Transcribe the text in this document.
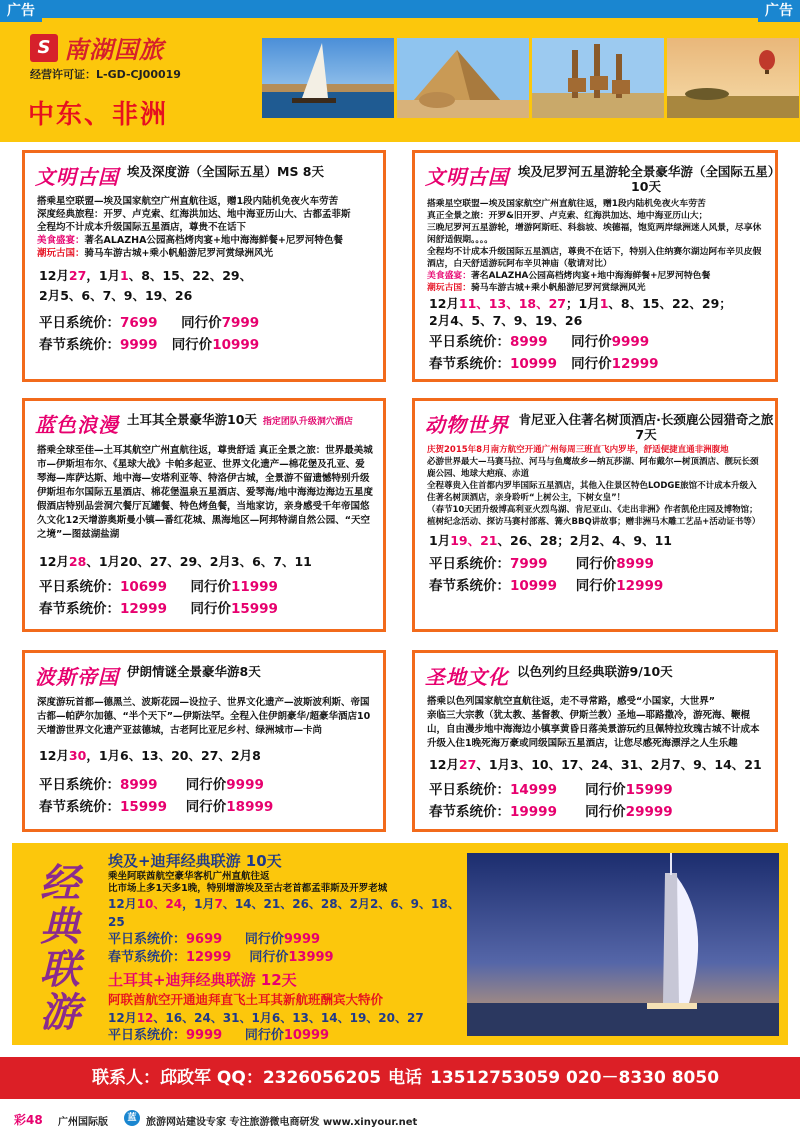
广告	广告
S 南湖国旅
经营许可证：L-GD-CJ00019
中东、非洲
文明古国 埃及深度游（全国际五星）MS 8天
搭乘星空联盟—埃及国家航空广州直航往返，赠1段内陆机免夜火车劳苦
深度经典旅程：开罗、卢克索、红海洪加达、地中海亚历山大、古都孟菲斯
全程均不计成本升级国际五星酒店，尊贵不在话下
美食盛宴：著名ALAZHA公园高档烤肉宴+地中海海鲜餐+尼罗河特色餐
潮玩古国：骑马车游古城+乘小帆船游尼罗河赏绿洲风光
12月27，1月1、8、15、22、29、
2月5、6、7、9、19、26
平日系统价：7699 同行价7999
春节系统价：9999 同行价10999
文明古国 埃及尼罗河五星游轮全景豪华游（全国际五星）10天
搭乘星空联盟—埃及国家航空广州直航往返，赠1段内陆机免夜火车劳苦
真正全景之旅：开罗&旧开罗、卢克索、红海洪加达、地中海亚历山大；
三晚尼罗河五星游轮，增游阿斯旺、科翁坡、埃德福，饱览两岸绿洲迷人风景，尽享休闲舒适假期。。。。
全程均不计成本升级国际五星酒店，尊贵不在话下，特别入住纳赛尔湖边阿布辛贝皮假酒店，白天舒适游玩阿布辛贝神庙（敬请对比）
美食盛宴：著名ALAZHA公园高档烤肉宴+地中海海鲜餐+尼罗河特色餐
潮玩古国：骑马车游古城+乘小帆船游尼罗河赏绿洲风光
12月11、13、18、27；1月1、8、15、22、29；
2月4、5、7、9、19、26
平日系统价：8999 同行价9999
春节系统价：10999 同行价12999
蓝色浪漫 土耳其全景豪华游10天 指定团队升级洞穴酒店
搭乘全球至佳—土耳其航空广州直航往返，尊贵舒适 真正全景之旅：世界最美城市—伊斯坦布尔、《星球大战》卡帕多起亚、世界文化遗产—棉花堡及孔亚、爱琴海—库萨达斯、地中海—安塔利亚等、特洛伊古城，全景游不留遗憾特别升级伊斯坦布尔国际五星酒店、棉花堡温泉五星酒店、爱琴海/地中海海边海边五星度假酒店特别品尝洞穴餐厅瓦罐餐、特色烤鱼餐，当地家访，亲身感受千年帝国悠久文化12天增游奥斯曼小镇—番红花城、黑海地区—阿邦特湖自然公园、“天空之境”—图兹湖盐湖
12月28、1月20、27、29、2月3、6、7、11
平日系统价：10699 同行价11999
春节系统价：12999 同行价15999
动物世界 肯尼亚入住著名树顶酒店·长颈鹿公园猎奇之旅 7天
庆贺2015年8月南方航空开通广州每周三班直飞内罗毕，舒适便捷直通非洲腹地
必游世界最大—马赛马拉、河马与鱼鹰故乡—纳瓦莎湖、阿布戴尔—树顶酒店、靓玩长颈鹿公园、地球大疤痕、赤道
全程尊贵入住首都内罗毕国际五星酒店，其他入住景区特色LODGE旅馆不计成本升级入住著名树顶酒店，亲身聆听“上树公主，下树女皇”！
（春节10天团升级博高利亚火烈鸟湖、肯尼亚山、《走出非洲》作者凯伦庄园及博物馆；植树纪念活动、探访马赛村部落、篝火BBQ讲故事；赠非洲马木雕工艺品+活动证书等）
1月19、21、26、28；2月2、4、9、11
平日系统价：7999 同行价8999
春节系统价：10999 同行价12999
波斯帝国 伊朗情谜全景豪华游8天
深度游玩首都—德黑兰、波斯花园—设拉子、世界文化遗产—波斯波利斯、帝国古都—帕萨尔加德、“半个天下”—伊斯法罕。全程入住伊朗豪华/超豪华酒店10天增游世界文化遗产亚兹德城，古老阿比亚尼乡村、绿洲城市—卡尚
12月30，1月6、13、20、27、2月8
平日系统价：8999 同行价9999
春节系统价：15999 同行价18999
圣地文化 以色列约旦经典联游9/10天
搭乘以色列国家航空直航往返，走不寻常路，感受“小国家，大世界”
亲临三大宗教（犹太教、基督教、伊斯兰教）圣地—耶路撒冷，游死海、鞭棍山，自由漫步地中海海边小镇享黄昏日落美景游玩约旦佩特拉玫瑰古城不计成本升级入住1晚死海万豪或同级国际五星酒店，让您尽感死海漂浮之人生乐趣
12月27、1月3、10、17、24、31、2月7、9、14、21
平日系统价：14999 同行价15999
春节系统价：19999 同行价29999
经
典
联
游
埃及+迪拜经典联游 10天
乘坐阿联酋航空豪华客机广州直航往返
比市场上多1天多1晚，特别增游埃及至古老首都孟菲斯及开罗老城
12月10、24，1月7、14、21、26、28、2月2、6、9、18、25
平日系统价：9699 同行价9999
春节系统价：12999 同行价13999
土耳其+迪拜经典联游 12天
阿联酋航空开通迪拜直飞土耳其新航班酬宾大特价
12月12、16、24、31、1月6、13、14、19、20、27
平日系统价：9999 同行价10999
联系人：邱政军 QQ：2326056205 电话 13512753059 020－8330 8050
彩48 广州国际版	蓝 旅游网站建设专家 专注旅游微电商研发 www.xinyour.net
